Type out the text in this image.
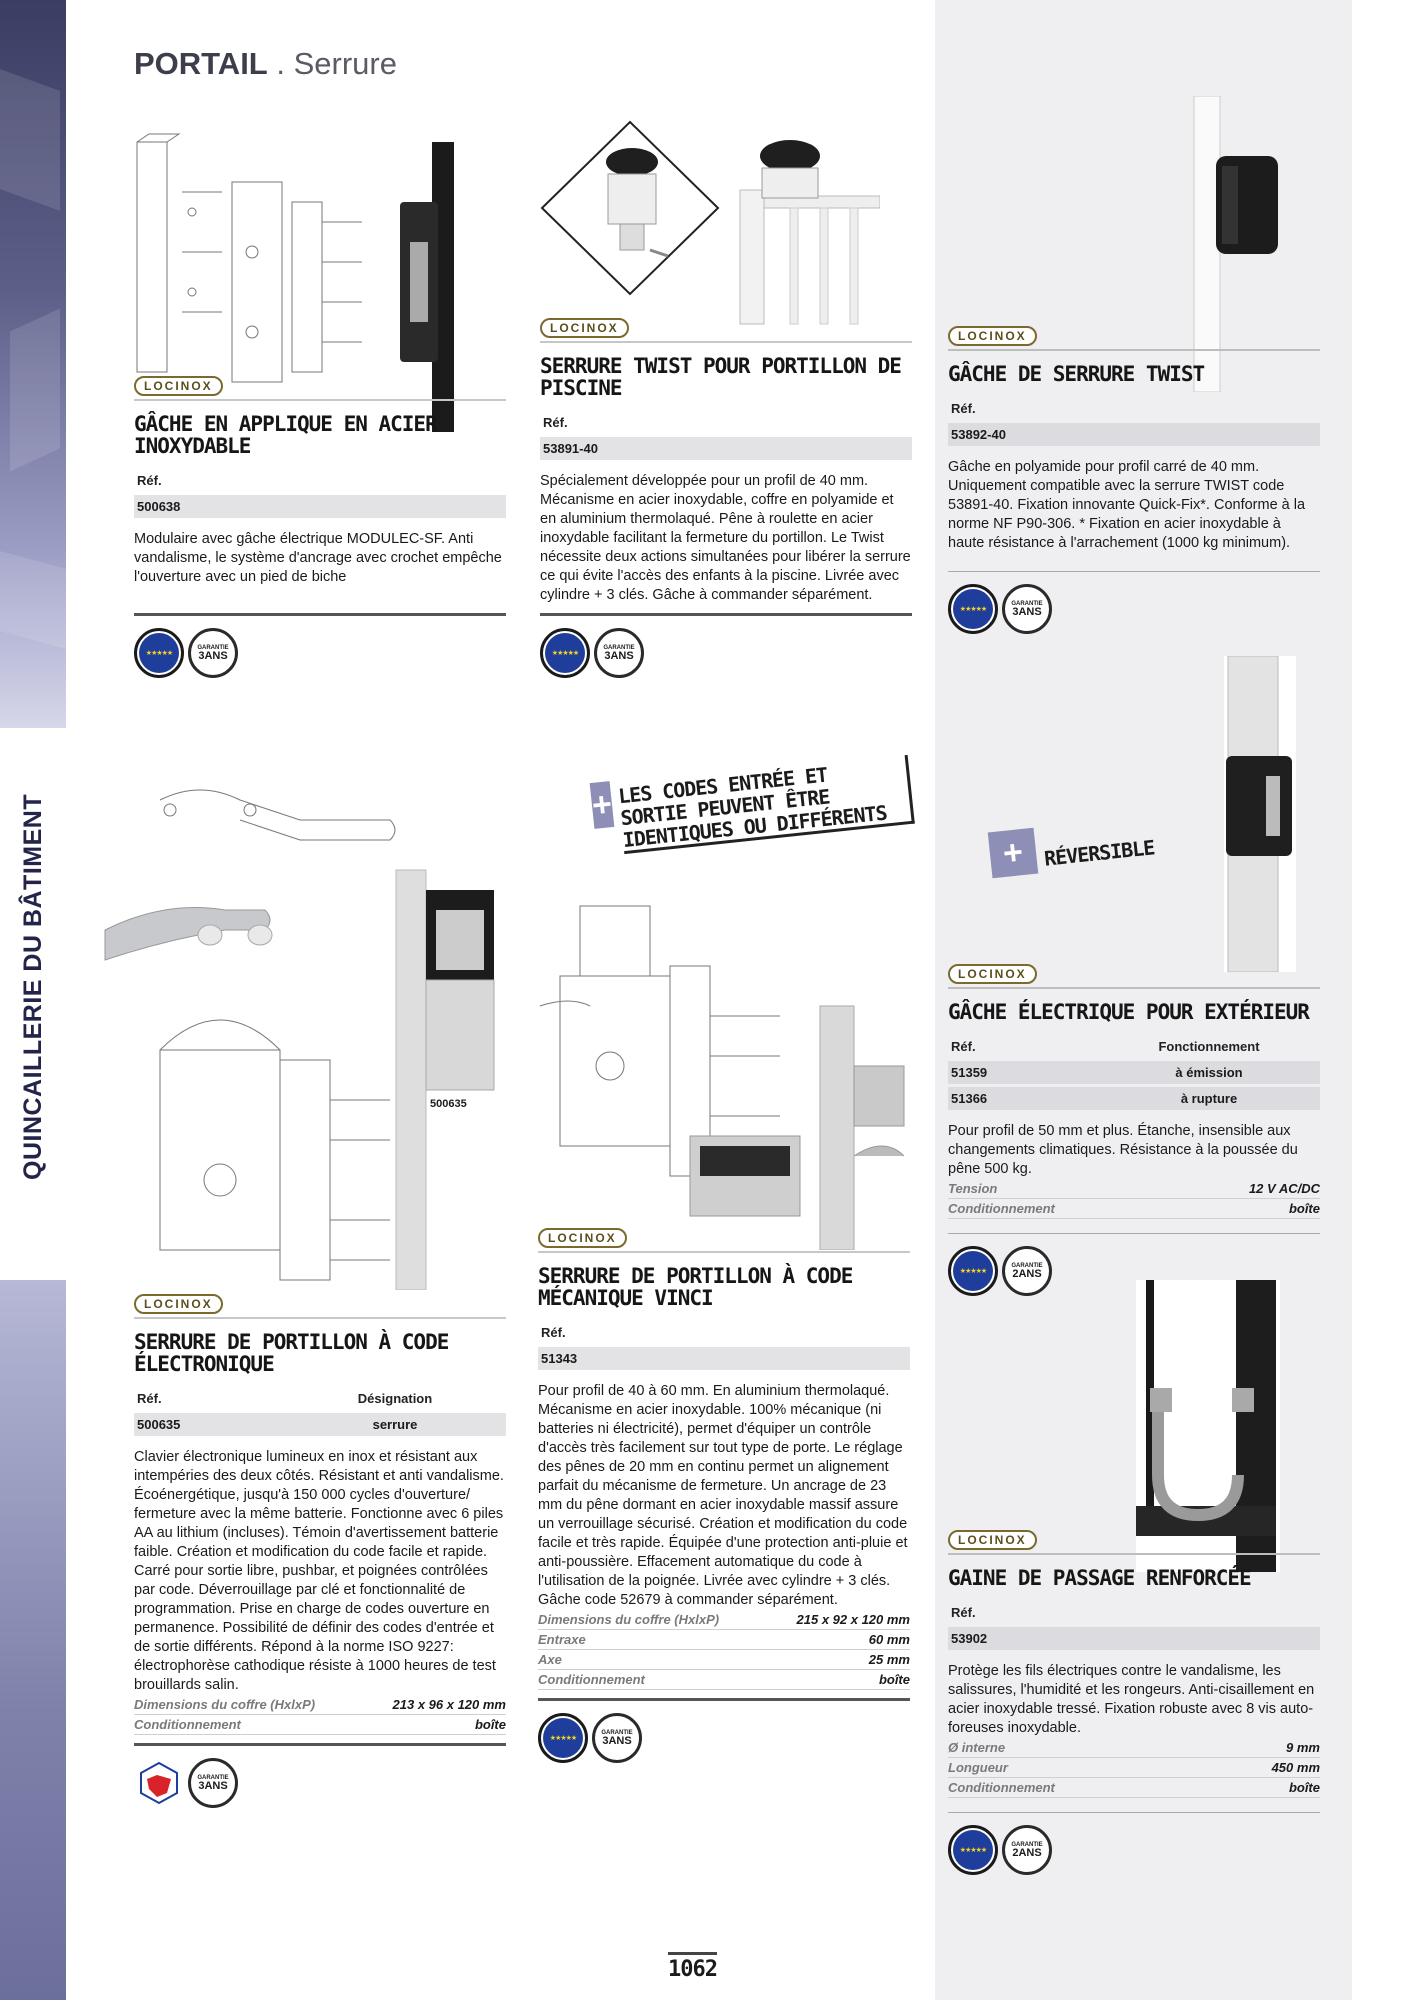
QUINCAILLERIE DU BÂTIMENT
PORTAIL . Serrure
LOCINOX
GÂCHE EN APPLIQUE EN ACIER INOXYDABLE
Réf.
500638
Modulaire avec gâche électrique MODULEC-SF. Anti vandalisme, le système d'ancrage avec crochet empêche l'ouverture avec un pied de biche
★★★★★
GARANTIE
3ANS
LOCINOX
SERRURE TWIST POUR PORTILLON DE PISCINE
Réf.
53891-40
Spécialement développée pour un profil de 40 mm. Mécanisme en acier inoxydable, coffre en polyamide et en aluminium thermolaqué. Pêne à roulette en acier inoxydable facilitant la fermeture du portillon. Le Twist nécessite deux actions simultanées pour libérer la serrure ce qui évite l'accès des enfants à la piscine. Livrée avec cylindre + 3 clés. Gâche à commander séparément.
★★★★★
GARANTIE
3ANS
LOCINOX
GÂCHE DE SERRURE TWIST
Réf.
53892-40
Gâche en polyamide pour profil carré de 40 mm. Uniquement compatible avec la serrure TWIST code 53891-40. Fixation innovante Quick-Fix*. Conforme à la norme NF P90-306. * Fixation en acier inoxydable à haute résistance à l'arrachement (1000 kg minimum).
★★★★★
GARANTIE
3ANS
500635
LOCINOX
SERRURE DE PORTILLON À CODE ÉLECTRONIQUE
Réf.	Désignation
500635	serrure
Clavier électronique lumineux en inox et résistant aux intempéries des deux côtés. Résistant et anti vandalisme. Écoénergétique, jusqu'à 150 000 cycles d'ouverture/ fermeture avec la même batterie. Fonctionne avec 6 piles AA au lithium (incluses). Témoin d'avertissement batterie faible. Création et modification du code facile et rapide. Carré pour sortie libre, pushbar, et poignées contrôlées par code. Déverrouillage par clé et fonctionnalité de programmation. Prise en charge de codes ouverture en permanence. Possibilité de définir des codes d'entrée et de sortie différents. Répond à la norme ISO 9227: électrophorèse cathodique résiste à 1000 heures de test brouillards salin.
Dimensions du coffre (HxlxP)	213 x 96 x 120 mm
Conditionnement	boîte
GARANTIE
3ANS
+ LES CODES ENTRÉE ET SORTIE PEUVENT ÊTRE IDENTIQUES OU DIFFÉRENTS
LOCINOX
SERRURE DE PORTILLON À CODE MÉCANIQUE VINCI
Réf.
51343
Pour profil de 40 à 60 mm. En aluminium thermolaqué. Mécanisme en acier inoxydable. 100% mécanique (ni batteries ni électricité), permet d'équiper un contrôle d'accès très facilement sur tout type de porte. Le réglage des pênes de 20 mm en continu permet un alignement parfait du mécanisme de fermeture. Un ancrage de 23 mm du pêne dormant en acier inoxydable massif assure un verrouillage sécurisé. Création et modification du code facile et très rapide. Équipée d'une protection anti-pluie et anti-poussière. Effacement automatique du code à l'utilisation de la poignée. Livrée avec cylindre + 3 clés. Gâche code 52679 à commander séparément.
Dimensions du coffre (HxlxP)	215 x 92 x 120 mm
Entraxe	60 mm
Axe	25 mm
Conditionnement	boîte
★★★★★
GARANTIE
3ANS
+ RÉVERSIBLE
LOCINOX
GÂCHE ÉLECTRIQUE POUR EXTÉRIEUR
Réf.	Fonctionnement
51359	à émission
51366	à rupture
Pour profil de 50 mm et plus. Étanche, insensible aux changements climatiques. Résistance à la poussée du pêne 500 kg.
Tension	12 V AC/DC
Conditionnement	boîte
★★★★★
GARANTIE
2ANS
LOCINOX
GAINE DE PASSAGE RENFORCÉE
Réf.
53902
Protège les fils électriques contre le vandalisme, les salissures, l'humidité et les rongeurs. Anti-cisaillement en acier inoxydable tressé. Fixation robuste avec 8 vis auto-foreuses inoxydable.
Ø interne	9 mm
Longueur	450 mm
Conditionnement	boîte
★★★★★
GARANTIE
2ANS
1062
